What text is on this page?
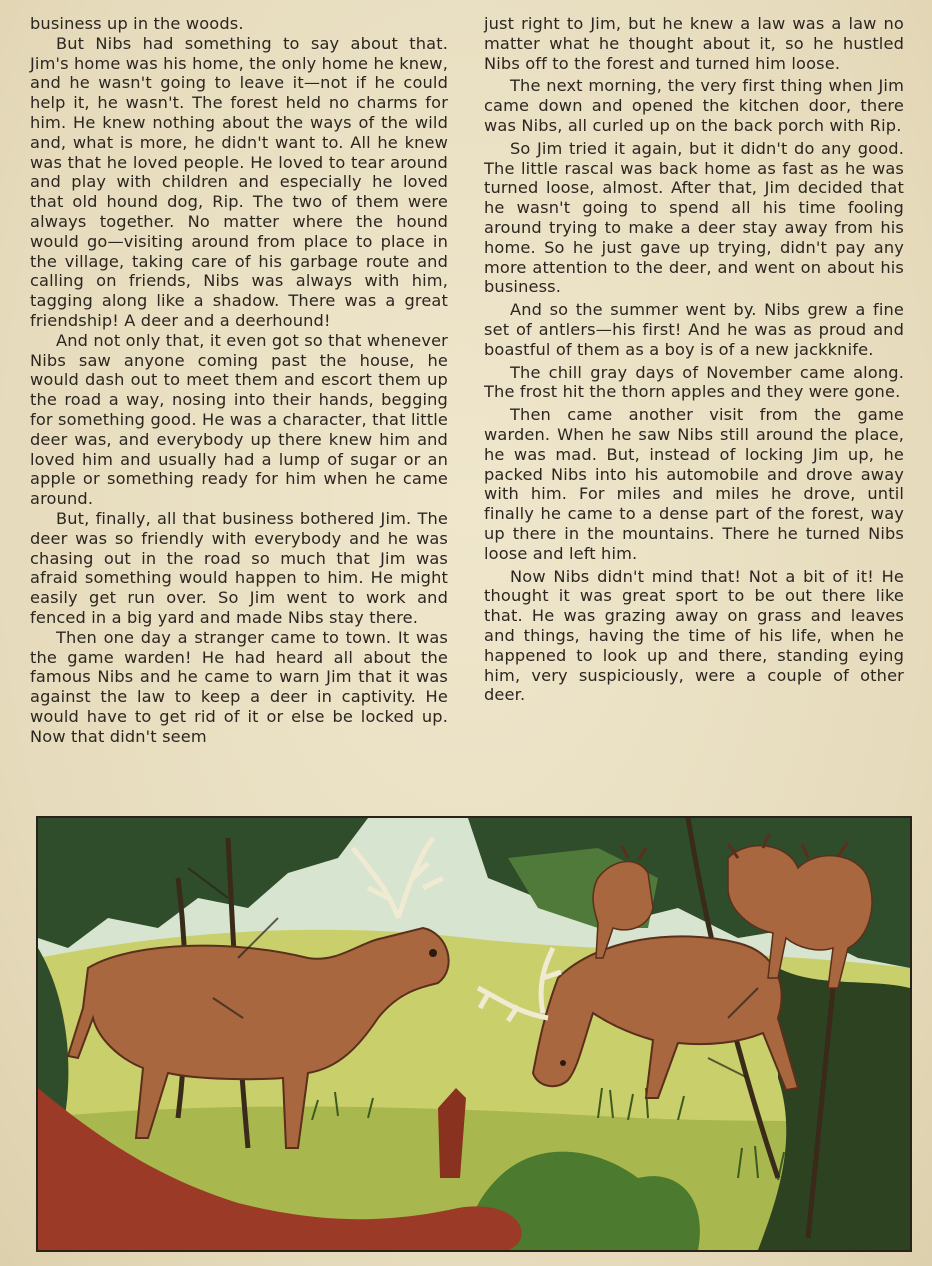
business up in the woods.

But Nibs had something to say about that. Jim's home was his home, the only home he knew, and he wasn't going to leave it—not if he could help it, he wasn't. The forest held no charms for him. He knew nothing about the ways of the wild and, what is more, he didn't want to. All he knew was that he loved people. He loved to tear around and play with children and especially he loved that old hound dog, Rip. The two of them were always together. No matter where the hound would go—visiting around from place to place in the village, taking care of his garbage route and calling on friends, Nibs was always with him, tagging along like a shadow. There was a great friendship! A deer and a deerhound!

And not only that, it even got so that whenever Nibs saw anyone coming past the house, he would dash out to meet them and escort them up the road a way, nosing into their hands, begging for something good. He was a character, that little deer was, and everybody up there knew him and loved him and usually had a lump of sugar or an apple or something ready for him when he came around.

But, finally, all that business bothered Jim. The deer was so friendly with everybody and he was chasing out in the road so much that Jim was afraid something would happen to him. He might easily get run over. So Jim went to work and fenced in a big yard and made Nibs stay there.

Then one day a stranger came to town. It was the game warden! He had heard all about the famous Nibs and he came to warn Jim that it was against the law to keep a deer in captivity. He would have to get rid of it or else be locked up. Now that didn't seem

just right to Jim, but he knew a law was a law no matter what he thought about it, so he hustled Nibs off to the forest and turned him loose.

The next morning, the very first thing when Jim came down and opened the kitchen door, there was Nibs, all curled up on the back porch with Rip.

So Jim tried it again, but it didn't do any good. The little rascal was back home as fast as he was turned loose, almost. After that, Jim decided that he wasn't going to spend all his time fooling around trying to make a deer stay away from his home. So he just gave up trying, didn't pay any more attention to the deer, and went on about his business.

And so the summer went by. Nibs grew a fine set of antlers—his first! And he was as proud and boastful of them as a boy is of a new jackknife.

The chill gray days of November came along. The frost hit the thorn apples and they were gone.

Then came another visit from the game warden. When he saw Nibs still around the place, he was mad. But, instead of locking Jim up, he packed Nibs into his automobile and drove away with him. For miles and miles he drove, until finally he came to a dense part of the forest, way up there in the mountains. There he turned Nibs loose and left him.

Now Nibs didn't mind that! Not a bit of it! He thought it was great sport to be out there like that. He was grazing away on grass and leaves and things, having the time of his life, when he happened to look up and there, standing eying him, very suspiciously, were a couple of other deer.
